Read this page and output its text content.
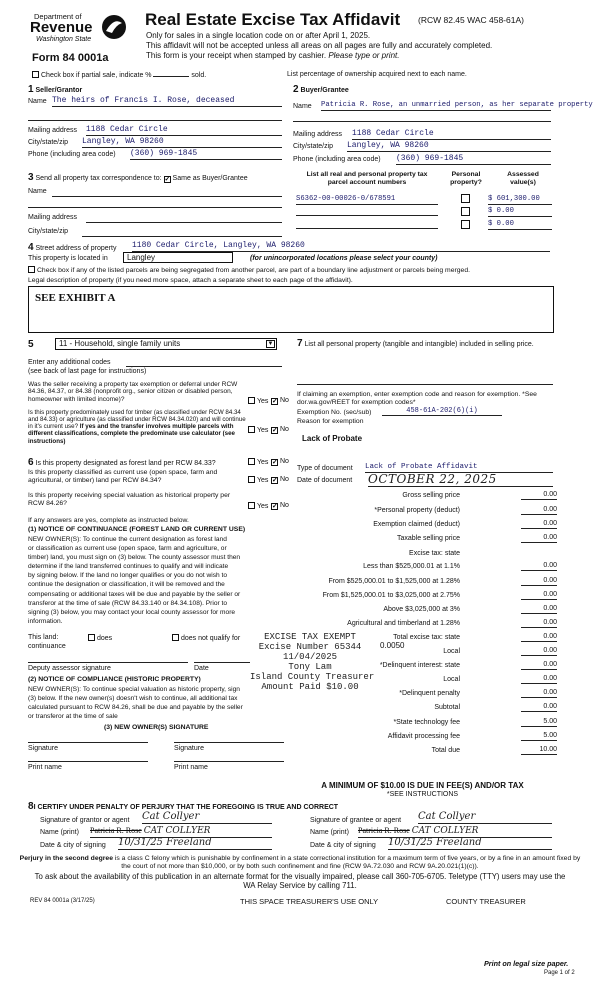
Department of
Revenue
Washington State
Form 84 0001a
Real Estate Excise Tax Affidavit (RCW 82.45 WAC 458-61A)
Only for sales in a single location code on or after April 1, 2025.
This affidavit will not be accepted unless all areas on all pages are fully and accurately completed.
This form is your receipt when stamped by cashier. Please type or print.
Check box if partial sale, indicate %	sold.	List percentage of ownership acquired next to each name.
1 Seller/Grantor
Name The heirs of Francis I. Rose, deceased
Mailing address 1188 Cedar Circle
City/state/zip Langley, WA 98260
Phone (including area code) (360) 969-1845
2 Buyer/Grantee
Name Patricia R. Rose, an unmarried person, as her separate property
Mailing address 1188 Cedar Circle
City/state/zip Langley, WA 98260
Phone (including area code) (360) 969-1845
3 Send all property tax correspondence to: ✓ Same as Buyer/Grantee
Name
Mailing address
City/state/zip
List all real and personal property tax parcel account numbers
Personal property?
Assessed value(s)
S6362-00-00026-0/678591	$ 601,300.00
$ 0.00
$ 0.00
4 Street address of property 1180 Cedar Circle, Langley, WA 98260
This property is located in	Langley	(for unincorporated locations please select your county)
Check box if any of the listed parcels are being segregated from another parcel, are part of a boundary line adjustment or parcels being merged.
Legal description of property (if you need more space, attach a separate sheet to each page of the affidavit).
SEE EXHIBIT A
5	11 - Household, single family units	▼
Enter any additional codes
(see back of last page for instructions)
Was the seller receiving a property tax exemption or deferral under RCW 84.36, 84.37, or 84.38 (nonprofit org., senior citizen or disabled person, homeowner with limited income)?	Yes ✓ No
Is this property predominately used for timber (as classified under RCW 84.34 and 84.33) or agriculture (as classified under RCW 84.34.020) and will continue in it's current use? If yes and the transfer involves multiple parcels with different classifications, complete the predominate use calculator (see instructions)
Yes ✓ No
6 Is this property designated as forest land per RCW 84.33?	Yes ✓ No
Is this property classified as current use (open space, farm and agricultural, or timber) land per RCW 84.34?	Yes ✓ No
Is this property receiving special valuation as historical property per RCW 84.26?	Yes ✓ No
If any answers are yes, complete as instructed below.
(1) NOTICE OF CONTINUANCE (FOREST LAND OR CURRENT USE)
NEW OWNER(S): To continue the current designation as forest land
or classification as current use (open space, farm and agriculture, or
timber) land, you must sign on (3) below. The county assessor must then
determine if the land transferred continues to qualify and will indicate
by signing below. If the land no longer qualifies or you do not wish to
continue the designation or classification, it will be removed and the
compensating or additional taxes will be due and payable by the seller or
transferor at the time of sale (RCW 84.33.140 or 84.34.108). Prior to
signing (3) below, you may contact your local county assessor for more
information.
This land:	does	does not qualify for
continuance
Deputy assessor signature	Date
(2) NOTICE OF COMPLIANCE (HISTORIC PROPERTY)
NEW OWNER(S): To continue special valuation as historic property, sign
(3) below. If the new owner(s) doesn't wish to continue, all additional tax
calculated pursuant to RCW 84.26, shall be due and payable by the seller
or transferor at the time of sale
(3) NEW OWNER(S) SIGNATURE
Signature	Signature
Print name	Print name
EXCISE TAX EXEMPT
Excise Number 65344
11/04/2025
Tony Lam
Island County Treasurer
Amount Paid $10.00
7 List all personal property (tangible and intangible) included in selling price.
If claiming an exemption, enter exemption code and reason for exemption. *See dor.wa.gov/REET for exemption codes*
Exemption No. (sec/sub)	458-61A-202(6)(i)
Reason for exemption
Lack of Probate
Type of document Lack of Probate Affidavit
Date of document OCTOBER 22, 2025
Gross selling price	0.00
*Personal property (deduct)	0.00
Exemption claimed (deduct)	0.00
Taxable selling price	0.00
Excise tax: state
Less than $525,000.01 at 1.1%	0.00
From $525,000.01 to $1,525,000 at 1.28%	0.00
From $1,525,000.01 to $3,025,000 at 2.75%	0.00
Above $3,025,000 at 3%	0.00
Agricultural and timberland at 1.28%	0.00
Total excise tax: state	0.00
Local	0.00
*Delinquent interest: state	0.00
Local	0.00
*Delinquent penalty	0.00
Subtotal	0.00
*State technology fee	5.00
Affidavit processing fee	5.00
Total due	10.00
0.0050
A MINIMUM OF $10.00 IS DUE IN FEE(S) AND/OR TAX
*SEE INSTRUCTIONS
8I CERTIFY UNDER PENALTY OF PERJURY THAT THE FOREGOING IS TRUE AND CORRECT
Signature of grantor or agent Cat Collyer
Name (print) Patricia R. Rose CAT COLLYER
Date & city of signing 10/31/25 Freeland
Signature of grantee or agent Cat Collyer
Name (print) Patricia R. Rose CAT COLLYER
Date & city of signing 10/31/25 Freeland
Perjury in the second degree is a class C felony which is punishable by confinement in a state correctional institution for a maximum term of five years, or by a fine in an amount fixed by the court of not more than $10,000, or by both such confinement and fine (RCW 9A.72.030 and RCW 9A.20.021(1)(c)).
To ask about the availability of this publication in an alternate format for the visually impaired, please call 360-705-6705. Teletype (TTY) users may use the WA Relay Service by calling 711.
REV 84 0001a (3/17/25)	THIS SPACE TREASURER'S USE ONLY	COUNTY TREASURER
Print on legal size paper.
Page 1 of 2
